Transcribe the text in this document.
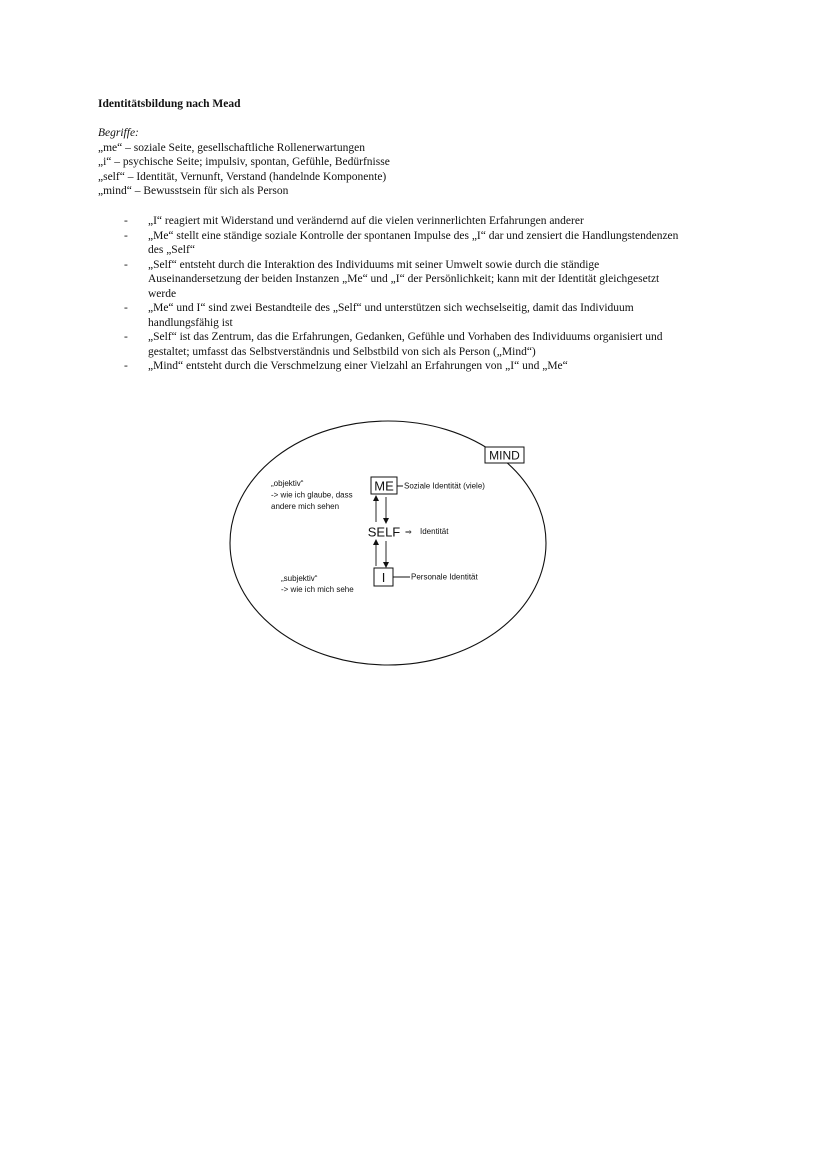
Identitätsbildung nach Mead
Begriffe:
„me“ – soziale Seite, gesellschaftliche Rollenerwartungen
„i“ – psychische Seite; impulsiv, spontan, Gefühle, Bedürfnisse
„self“ – Identität, Vernunft, Verstand (handelnde Komponente)
„mind“ – Bewusstsein für sich als Person
- „I“ reagiert mit Widerstand und verändernd auf die vielen verinnerlichten Erfahrungen anderer
- „Me“ stellt eine ständige soziale Kontrolle der spontanen Impulse des „I“ dar und zensiert die Handlungstendenzen
des „Self“
- „Self“ entsteht durch die Interaktion des Individuums mit seiner Umwelt sowie durch die ständige
Auseinandersetzung der beiden Instanzen „Me“ und „I“ der Persönlichkeit; kann mit der Identität gleichgesetzt
werde
- „Me“ und I“ sind zwei Bestandteile des „Self“ und unterstützen sich wechselseitig, damit das Individuum
handlungsfähig ist
- „Self“ ist das Zentrum, das die Erfahrungen, Gedanken, Gefühle und Vorhaben des Individuums organisiert und
gestaltet; umfasst das Selbstverständnis und Selbstbild von sich als Person („Mind“)
- „Mind“ entsteht durch die Verschmelzung einer Vielzahl an Erfahrungen von „I“ und „Me“
MIND
ME Soziale Identität (viele)
SELF ⇒ Identität
I	Personale Identität
„objektiv“
-> wie ich glaube, dass
andere mich sehen
„subjektiv“
-> wie ich mich sehe
